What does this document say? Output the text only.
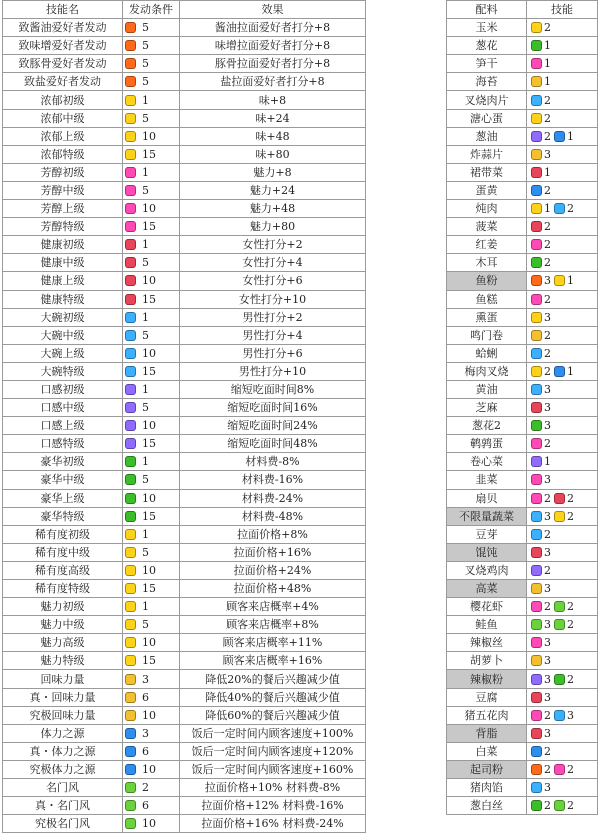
技能名	发动条件	效果
致酱油爱好者发动	5	酱油拉面爱好者打分+8
致味增爱好者发动	5	味增拉面爱好者打分+8
致豚骨爱好者发动	5	豚骨拉面爱好者打分+8
致盐爱好者发动	5	盐拉面爱好者打分+8
浓郁初级	1	味+8
浓郁中级	5	味+24
浓郁上级	10	味+48
浓郁特级	15	味+80
芳醇初级	1	魅力+8
芳醇中级	5	魅力+24
芳醇上级	10	魅力+48
芳醇特级	15	魅力+80
健康初级	1	女性打分+2
健康中级	5	女性打分+4
健康上级	10	女性打分+6
健康特级	15	女性打分+10
大碗初级	1	男性打分+2
大碗中级	5	男性打分+4
大碗上级	10	男性打分+6
大碗特级	15	男性打分+10
口感初级	1	缩短吃面时间8%
口感中级	5	缩短吃面时间16%
口感上级	10	缩短吃面时间24%
口感特级	15	缩短吃面时间48%
豪华初级	1	材料费-8%
豪华中级	5	材料费-16%
豪华上级	10	材料费-24%
豪华特级	15	材料费-48%
稀有度初级	1	拉面价格+8%
稀有度中级	5	拉面价格+16%
稀有度高级	10	拉面价格+24%
稀有度特级	15	拉面价格+48%
魅力初级	1	顾客来店概率+4%
魅力中级	5	顾客来店概率+8%
魅力高级	10	顾客来店概率+11%
魅力特级	15	顾客来店概率+16%
回味力量	3	降低20%的餐后兴趣减少值
真・回味力量	6	降低40%的餐后兴趣减少值
究极回味力量	10	降低60%的餐后兴趣减少值
体力之源	3	饭后一定时间内顾客速度+100%
真・体力之源	6	饭后一定时间内顾客速度+120%
究极体力之源	10	饭后一定时间内顾客速度+160%
名门风	2	拉面价格+10% 材料费-8%
真・名门风	6	拉面价格+12% 材料费-16%
究极名门风	10	拉面价格+16% 材料费-24%
配料	技能
玉米	2
葱花	1
笋干	1
海苔	1
叉烧肉片	2
溏心蛋	2
葱油	2 1
炸蒜片	3
裙带菜	1
蛋黄	2
炖肉	1 2
菠菜	2
红姜	2
木耳	2
鱼粉	3 1
鱼糕	2
熏蛋	3
鸣门卷	2
蛤蜊	2
梅肉叉烧	2 1
黄油	3
芝麻	3
葱花2	3
鹌鹑蛋	2
卷心菜	1
韭菜	3
扇贝	2 2
不限量蔬菜	3 2
豆芽	2
馄饨	3
叉烧鸡肉	2
高菜	3
樱花虾	2 2
鲑鱼	3 2
辣椒丝	3
胡萝卜	3
辣椒粉	3 2
豆腐	3
猪五花肉	2 3
背脂	3
白菜	2
起司粉	2 2
猪肉馅	3
葱白丝	2 2
